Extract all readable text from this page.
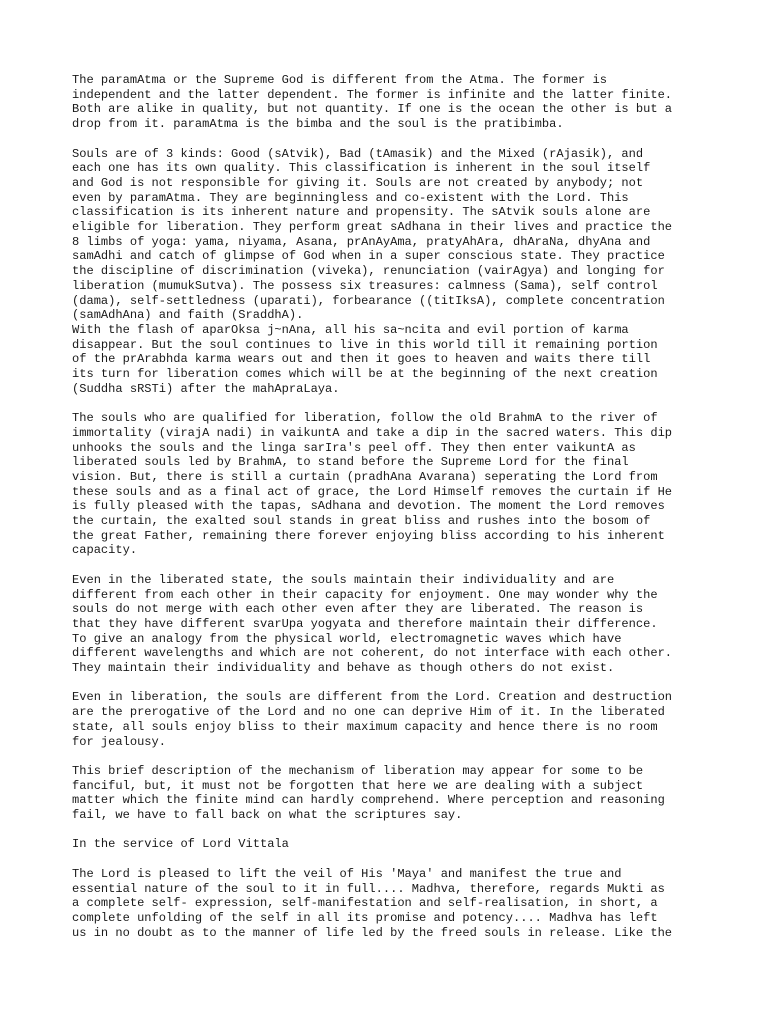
The paramAtma or the Supreme God is different from the Atma. The former is
independent and the latter dependent. The former is infinite and the latter finite.
Both are alike in quality, but not quantity. If one is the ocean the other is but a
drop from it. paramAtma is the bimba and the soul is the pratibimba.

Souls are of 3 kinds: Good (sAtvik), Bad (tAmasik) and the Mixed (rAjasik), and
each one has its own quality. This classification is inherent in the soul itself
and God is not responsible for giving it. Souls are not created by anybody; not
even by paramAtma. They are beginningless and co-existent with the Lord. This
classification is its inherent nature and propensity. The sAtvik souls alone are
eligible for liberation. They perform great sAdhana in their lives and practice the
8 limbs of yoga: yama, niyama, Asana, prAnAyAma, pratyAhAra, dhAraNa, dhyAna and
samAdhi and catch of glimpse of God when in a super conscious state. They practice
the discipline of discrimination (viveka), renunciation (vairAgya) and longing for
liberation (mumukSutva). The possess six treasures: calmness (Sama), self control
(dama), self-settledness (uparati), forbearance ((titIksA), complete concentration
(samAdhAna) and faith (SraddhA).

With the flash of aparOksa j~nAna, all his sa~ncita and evil portion of karma
disappear. But the soul continues to live in this world till it remaining portion
of the prArabhda karma wears out and then it goes to heaven and waits there till
its turn for liberation comes which will be at the beginning of the next creation
(Suddha sRSTi) after the mahApraLaya.

The souls who are qualified for liberation, follow the old BrahmA to the river of
immortality (virajA nadi) in vaikuntA and take a dip in the sacred waters. This dip
unhooks the souls and the linga sarIra's peel off. They then enter vaikuntA as
liberated souls led by BrahmA, to stand before the Supreme Lord for the final
vision. But, there is still a curtain (pradhAna Avarana) seperating the Lord from
these souls and as a final act of grace, the Lord Himself removes the curtain if He
is fully pleased with the tapas, sAdhana and devotion. The moment the Lord removes
the curtain, the exalted soul stands in great bliss and rushes into the bosom of
the great Father, remaining there forever enjoying bliss according to his inherent
capacity.

Even in the liberated state, the souls maintain their individuality and are
different from each other in their capacity for enjoyment. One may wonder why the
souls do not merge with each other even after they are liberated. The reason is
that they have different svarUpa yogyata and therefore maintain their difference.
To give an analogy from the physical world, electromagnetic waves which have
different wavelengths and which are not coherent, do not interface with each other.
They maintain their individuality and behave as though others do not exist.

Even in liberation, the souls are different from the Lord. Creation and destruction
are the prerogative of the Lord and no one can deprive Him of it. In the liberated
state, all souls enjoy bliss to their maximum capacity and hence there is no room
for jealousy.

This brief description of the mechanism of liberation may appear for some to be
fanciful, but, it must not be forgotten that here we are dealing with a subject
matter which the finite mind can hardly comprehend. Where perception and reasoning
fail, we have to fall back on what the scriptures say.

In the service of Lord Vittala

The Lord is pleased to lift the veil of His 'Maya' and manifest the true and
essential nature of the soul to it in full.... Madhva, therefore, regards Mukti as
a complete self- expression, self-manifestation and self-realisation, in short, a
complete unfolding of the self in all its promise and potency.... Madhva has left
us in no doubt as to the manner of life led by the freed souls in release. Like the
